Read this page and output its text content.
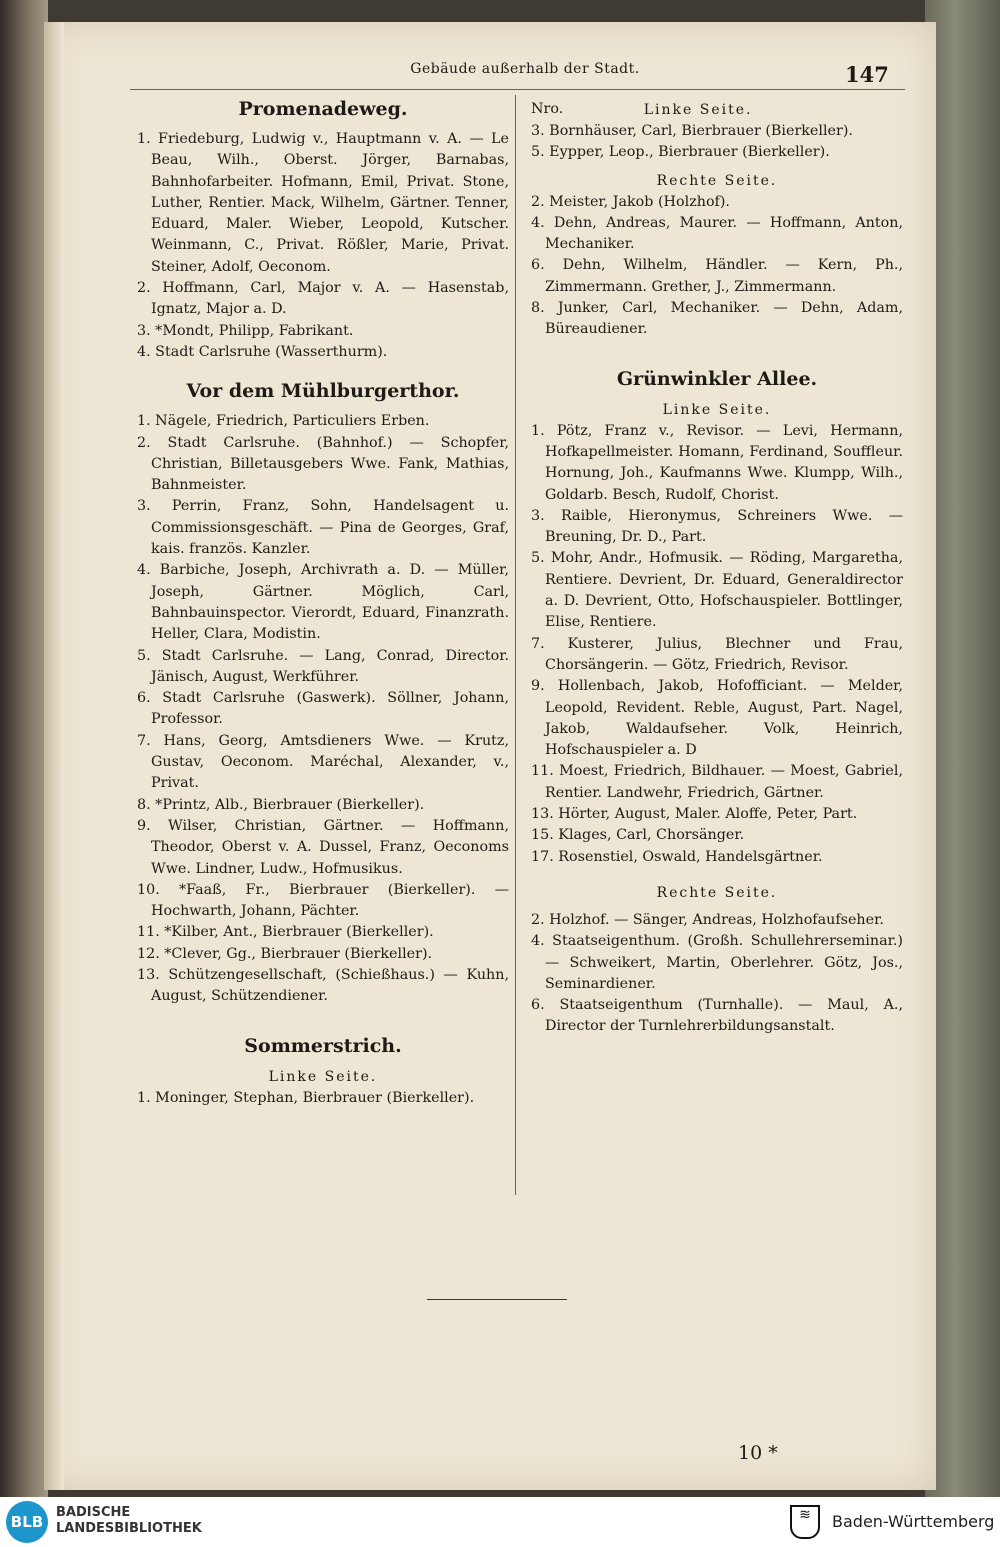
Gebäude außerhalb der Stadt.	147

Promenadeweg.

1. Friedeburg, Ludwig v., Hauptmann v. A. — Le Beau, Wilh., Oberst. Jörger, Barnabas, Bahnhofarbeiter. Hofmann, Emil, Privat. Stone, Luther, Rentier. Mack, Wilhelm, Gärtner. Tenner, Eduard, Maler. Wieber, Leopold, Kutscher. Weinmann, C., Privat. Rößler, Marie, Privat. Steiner, Adolf, Oeconom.

2. Hoffmann, Carl, Major v. A. — Hasenstab, Ignatz, Major a. D.

3. *Mondt, Philipp, Fabrikant.

4. Stadt Carlsruhe (Wasserthurm).

Vor dem Mühlburgerthor.

1. Nägele, Friedrich, Particuliers Erben.

2. Stadt Carlsruhe. (Bahnhof.) — Schopfer, Christian, Billetausgebers Wwe. Fank, Mathias, Bahnmeister.

3. Perrin, Franz, Sohn, Handelsagent u. Commissionsgeschäft. — Pina de Georges, Graf, kais. französ. Kanzler.

4. Barbiche, Joseph, Archivrath a. D. — Müller, Joseph, Gärtner. Möglich, Carl, Bahnbauinspector. Vierordt, Eduard, Finanzrath. Heller, Clara, Modistin.

5. Stadt Carlsruhe. — Lang, Conrad, Director. Jänisch, August, Werkführer.

6. Stadt Carlsruhe (Gaswerk). Söllner, Johann, Professor.

7. Hans, Georg, Amtsdieners Wwe. — Krutz, Gustav, Oeconom. Maréchal, Alexander, v., Privat.

8. *Printz, Alb., Bierbrauer (Bierkeller).

9. Wilser, Christian, Gärtner. — Hoffmann, Theodor, Oberst v. A. Dussel, Franz, Oeconoms Wwe. Lindner, Ludw., Hofmusikus.

10. *Faaß, Fr., Bierbrauer (Bierkeller). — Hochwarth, Johann, Pächter.

11. *Kilber, Ant., Bierbrauer (Bierkeller).

12. *Clever, Gg., Bierbrauer (Bierkeller).

13. Schützengesellschaft, (Schießhaus.) — Kuhn, August, Schützendiener.

Sommerstrich.

Linke Seite.

1. Moninger, Stephan, Bierbrauer (Bierkeller).

Nro.	Linke Seite.

3. Bornhäuser, Carl, Bierbrauer (Bierkeller).

5. Eypper, Leop., Bierbrauer (Bierkeller).

Rechte Seite.

2. Meister, Jakob (Holzhof).

4. Dehn, Andreas, Maurer. — Hoffmann, Anton, Mechaniker.

6. Dehn, Wilhelm, Händler. — Kern, Ph., Zimmermann. Grether, J., Zimmermann.

8. Junker, Carl, Mechaniker. — Dehn, Adam, Büreaudiener.

Grünwinkler Allee.

Linke Seite.

1. Pötz, Franz v., Revisor. — Levi, Hermann, Hofkapellmeister. Homann, Ferdinand, Souffleur. Hornung, Joh., Kaufmanns Wwe. Klumpp, Wilh., Goldarb. Besch, Rudolf, Chorist.

3. Raible, Hieronymus, Schreiners Wwe. — Breuning, Dr. D., Part.

5. Mohr, Andr., Hofmusik. — Röding, Margaretha, Rentiere. Devrient, Dr. Eduard, Generaldirector a. D. Devrient, Otto, Hofschauspieler. Bottlinger, Elise, Rentiere.

7. Kusterer, Julius, Blechner und Frau, Chorsängerin. — Götz, Friedrich, Revisor.

9. Hollenbach, Jakob, Hofofficiant. — Melder, Leopold, Revident. Reble, August, Part. Nagel, Jakob, Waldaufseher. Volk, Heinrich, Hofschauspieler a. D

11. Moest, Friedrich, Bildhauer. — Moest, Gabriel, Rentier. Landwehr, Friedrich, Gärtner.

13. Hörter, August, Maler. Aloffe, Peter, Part.

15. Klages, Carl, Chorsänger.

17. Rosenstiel, Oswald, Handelsgärtner.

Rechte Seite.

2. Holzhof. — Sänger, Andreas, Holzhofaufseher.

4. Staatseigenthum. (Großh. Schullehrerseminar.) — Schweikert, Martin, Oberlehrer. Götz, Jos., Seminardiener.

6. Staatseigenthum (Turnhalle). — Maul, A., Director der Turnlehrerbildungsanstalt.

10 *
BLB
BADISCHE
LANDESBIBLIOTHEK
≋	Baden-Württemberg
